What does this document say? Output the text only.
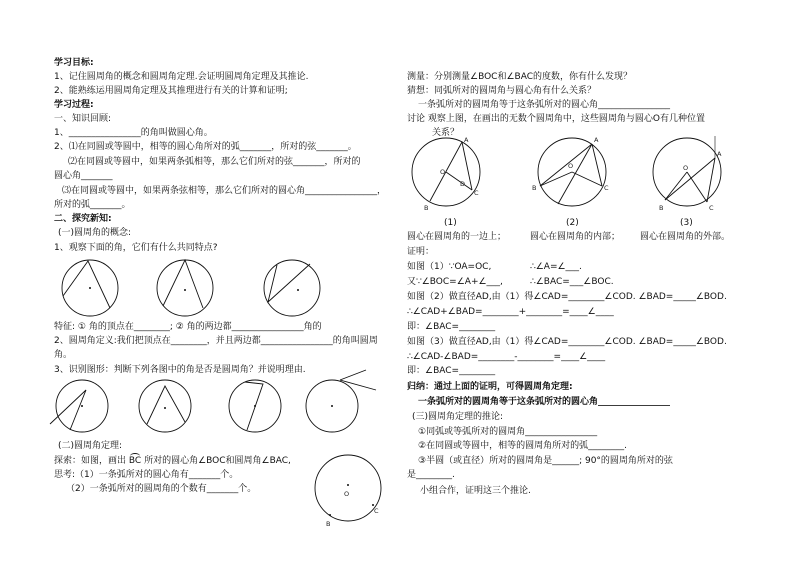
学习目标:
1、记住圆周角的概念和圆周角定理.会证明圆周角定理及其推论.
2、能熟练运用圆周角定理及其推理进行有关的计算和证明;
学习过程:
一、知识回顾:
1、________________的角叫做圆心角。
2、⑴在同圆或等圆中，相等的圆心角所对的弧_______，所对的弦_______。
⑵在同圆或等圆中，如果两条弧相等，那么它们所对的弦_______，所对的
圆心角_______
⑶在同圆或等圆中，如果两条弦相等，那么它们所对的圆心角________________，
所对的弧_______。
二、探究新知:
(一)圆周角的概念:
1、观察下面的角，它们有什么共同特点?
特征: ① 角的顶点在________; ② 角的两边都________________角的
2、圆周角定义:我们把顶点在________，并且两边都________________的角叫圆周
角。
3、识别图形：判断下列各图中的角是否是圆周角？并说明理由.
(二)圆周角定理:
探索：如图，画出 BC 所对的圆心角∠BOC和圆周角∠BAC,
思考:（1）一条弧所对的圆心角有_______个。
（2）一条弧所对的圆周角的个数有_______个。	O
B
C
测量：分别测量∠BOC和∠BAC的度数，你有什么发现？
猜想：同弧所对的圆周角与圆心角有什么关系？
一条弧所对的圆周角等于这条弧所对的圆心角________________
讨论 观察上图，在画出的无数个圆周角中，这些圆周角与圆心O有几种位置
关系？
A
O
B
C
D
A
O
B	C
A
O
B	C
(1)	(2)	(3)
圆心在圆周角的一边上；	圆心在圆周角的内部； 圆心在圆周角的外部。
证明：
如图（1）∵OA=OC,	∴∠A=∠___.
又∵∠BOC=∠A+∠___,	∴∠BAC=___∠BOC.
如图（2）做直径AD,由（1）得∠CAD=________∠COD. ∠BAD=_____∠BOD.
∴∠CAD+∠BAD=________+________=____∠____
即：∠BAC=________
如图（3）做直径AD,由（1）得∠CAD=________∠COD. ∠BAD=_____∠BOD.
∴∠CAD-∠BAD=________-________=____∠____
即：∠BAC=________
归纳：通过上面的证明，可得圆周角定理:
一条弧所对的圆周角等于这条弧所对的圆心角________________
(三)圆周角定理的推论:
①同弧或等弧所对的圆周角________________
②在同圆或等圆中，相等的圆周角所对的弧________.
③半圆（或直径）所对的圆周角是______; 90°的圆周角所对的弦
是________.
小组合作，证明这三个推论.
